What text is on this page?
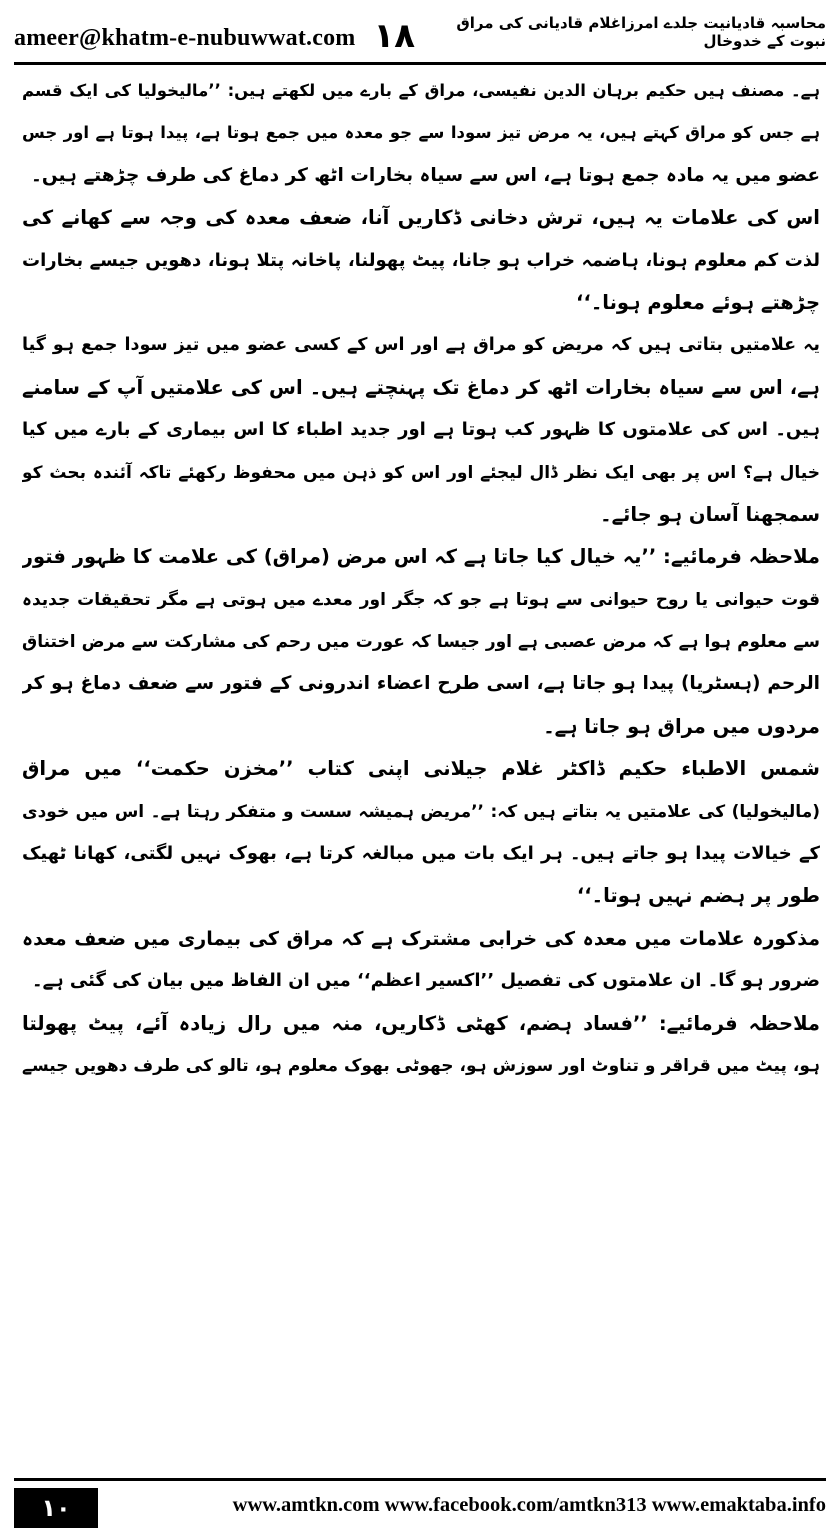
ameer@khatm-e-nubuwwat.com ۱۸	محاسبہ قادیانیت جلدے امرزاغلام قادیانی کی مراق نبوت کے خدوخال
ہے۔ مصنف ہیں حکیم برہان الدین نفیسی، مراق کے بارے میں لکھتے ہیں: ’’مالیخولیا کی ایک قسم
ہے جس کو مراق کہتے ہیں، یہ مرض تیز سودا سے جو معدہ میں جمع ہوتا ہے، پیدا ہوتا ہے اور جس
عضو میں یہ مادہ جمع ہوتا ہے، اس سے سیاہ بخارات اٹھ کر دماغ کی طرف چڑھتے ہیں۔
اس کی علامات یہ ہیں، ترش دخانی ڈکاریں آنا، ضعف معدہ کی وجہ سے کھانے کی
لذت کم معلوم ہونا، ہاضمہ خراب ہو جانا، پیٹ پھولنا، پاخانہ پتلا ہونا، دھویں جیسے بخارات
چڑھتے ہوئے معلوم ہونا۔‘‘
یہ علامتیں بتاتی ہیں کہ مریض کو مراق ہے اور اس کے کسی عضو میں تیز سودا جمع ہو گیا
ہے، اس سے سیاہ بخارات اٹھ کر دماغ تک پہنچتے ہیں۔ اس کی علامتیں آپ کے سامنے
ہیں۔ اس کی علامتوں کا ظہور کب ہوتا ہے اور جدید اطباء کا اس بیماری کے بارے میں کیا
خیال ہے؟ اس پر بھی ایک نظر ڈال لیجئے اور اس کو ذہن میں محفوظ رکھئے تاکہ آئندہ بحث کو
سمجھنا آسان ہو جائے۔
ملاحظہ فرمائیے: ’’یہ خیال کیا جاتا ہے کہ اس مرض (مراق) کی علامت کا ظہور فتور
قوت حیوانی یا روح حیوانی سے ہوتا ہے جو کہ جگر اور معدے میں ہوتی ہے مگر تحقیقات جدیدہ
سے معلوم ہوا ہے کہ مرض عصبی ہے اور جیسا کہ عورت میں رحم کی مشارکت سے مرض اختناق
الرحم (ہسٹریا) پیدا ہو جاتا ہے، اسی طرح اعضاء اندرونی کے فتور سے ضعف دماغ ہو کر
مردوں میں مراق ہو جاتا ہے۔
شمس الاطباء حکیم ڈاکٹر غلام جیلانی اپنی کتاب ’’مخزن حکمت‘‘ میں مراق
(مالیخولیا) کی علامتیں یہ بتاتے ہیں کہ: ’’مریض ہمیشہ سست و متفکر رہتا ہے۔ اس میں خودی
کے خیالات پیدا ہو جاتے ہیں۔ ہر ایک بات میں مبالغہ کرتا ہے، بھوک نہیں لگتی، کھانا ٹھیک
طور پر ہضم نہیں ہوتا۔‘‘
مذکورہ علامات میں معدہ کی خرابی مشترک ہے کہ مراق کی بیماری میں ضعف معدہ
ضرور ہو گا۔ ان علامتوں کی تفصیل ’’اکسیر اعظم‘‘ میں ان الفاظ میں بیان کی گئی ہے۔
ملاحظہ فرمائیے: ’’فساد ہضم، کھٹی ڈکاریں، منہ میں رال زیادہ آئے، پیٹ پھولتا
ہو، پیٹ میں قراقر و تناوٹ اور سوزش ہو، جھوٹی بھوک معلوم ہو، تالو کی طرف دھویں جیسے
۱۰	www.amtkn.com www.facebook.com/amtkn313 www.emaktaba.info
